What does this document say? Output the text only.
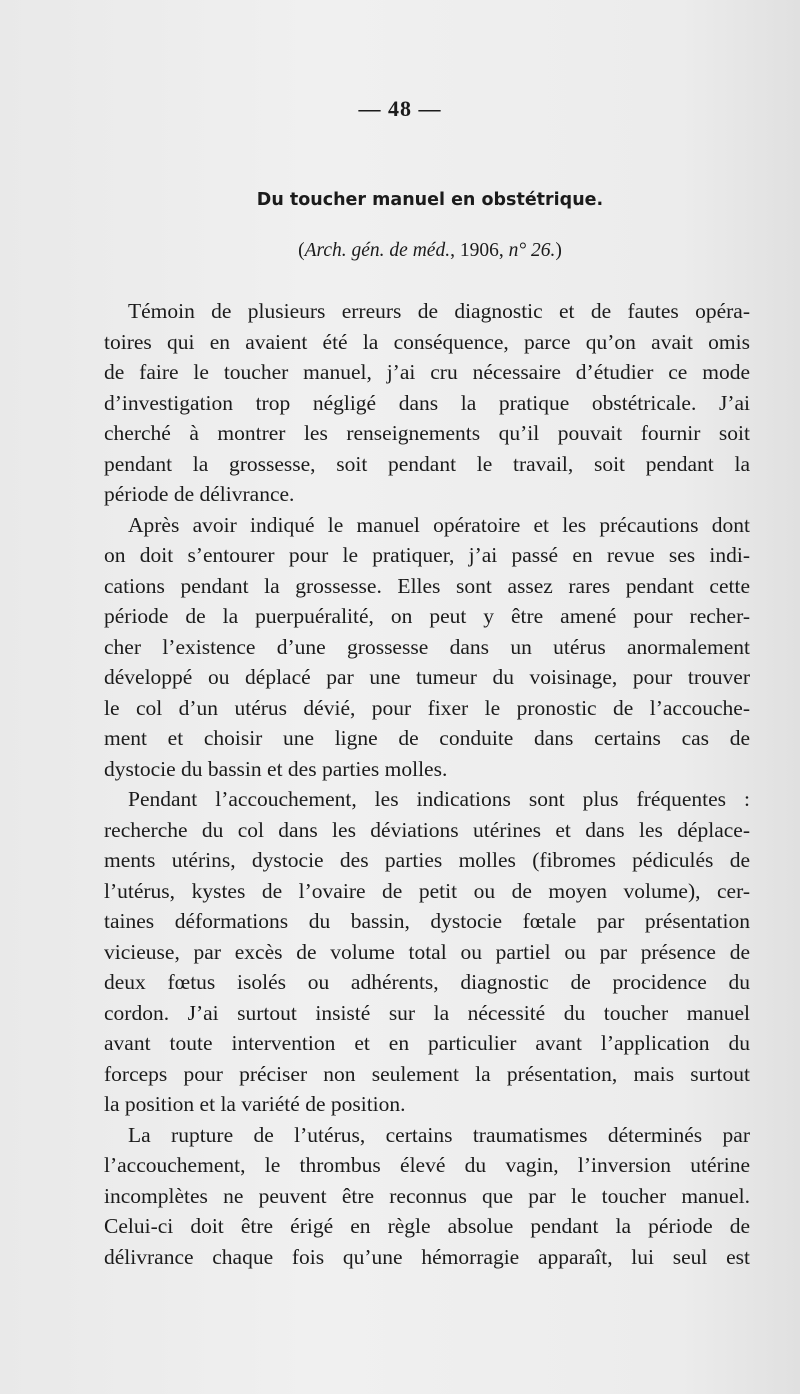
— 48 —
Du toucher manuel en obstétrique.
(Arch. gén. de méd., 1906, n° 26.)
Témoin de plusieurs erreurs de diagnostic et de fautes opéra-
toires qui en avaient été la conséquence, parce qu’on avait omis
de faire le toucher manuel, j’ai cru nécessaire d’étudier ce mode
d’investigation trop négligé dans la pratique obstétricale. J’ai
cherché à montrer les renseignements qu’il pouvait fournir soit
pendant la grossesse, soit pendant le travail, soit pendant la
période de délivrance.
Après avoir indiqué le manuel opératoire et les précautions dont
on doit s’entourer pour le pratiquer, j’ai passé en revue ses indi-
cations pendant la grossesse. Elles sont assez rares pendant cette
période de la puerpuéralité, on peut y être amené pour recher-
cher l’existence d’une grossesse dans un utérus anormalement
développé ou déplacé par une tumeur du voisinage, pour trouver
le col d’un utérus dévié, pour fixer le pronostic de l’accouche-
ment et choisir une ligne de conduite dans certains cas de
dystocie du bassin et des parties molles.
Pendant l’accouchement, les indications sont plus fréquentes :
recherche du col dans les déviations utérines et dans les déplace-
ments utérins, dystocie des parties molles (fibromes pédiculés de
l’utérus, kystes de l’ovaire de petit ou de moyen volume), cer-
taines déformations du bassin, dystocie fœtale par présentation
vicieuse, par excès de volume total ou partiel ou par présence de
deux fœtus isolés ou adhérents, diagnostic de procidence du
cordon. J’ai surtout insisté sur la nécessité du toucher manuel
avant toute intervention et en particulier avant l’application du
forceps pour préciser non seulement la présentation, mais surtout
la position et la variété de position.
La rupture de l’utérus, certains traumatismes déterminés par
l’accouchement, le thrombus élevé du vagin, l’inversion utérine
incomplètes ne peuvent être reconnus que par le toucher manuel.
Celui-ci doit être érigé en règle absolue pendant la période de
délivrance chaque fois qu’une hémorragie apparaît, lui seul est
